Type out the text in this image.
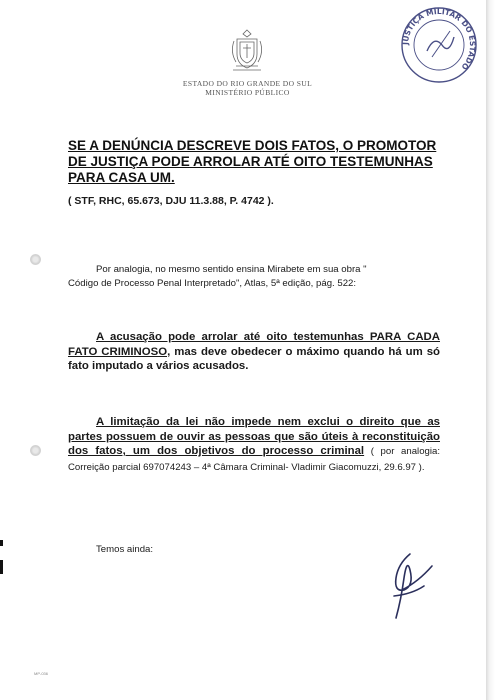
ESTADO DO RIO GRANDE DO SUL
MINISTÉRIO PÚBLICO
JUSTIÇA MILITAR DO ESTADO
SE A DENÚNCIA DESCREVE DOIS FATOS, O PROMOTOR DE JUSTIÇA PODE ARROLAR ATÉ OITO TESTEMUNHAS PARA CASA UM.
( STF, RHC, 65.673, DJU 11.3.88, P. 4742 ).
Por analogia, no mesmo sentido ensina Mirabete em sua obra "
Código de Processo Penal Interpretado", Atlas, 5ª edição, pág. 522:
A acusação pode arrolar até oito testemunhas PARA CADA FATO CRIMINOSO, mas deve obedecer o máximo quando há um só fato imputado a vários acusados.
A limitação da lei não impede nem exclui o direito que as partes possuem de ouvir as pessoas que são úteis à reconstituição dos fatos, um dos objetivos do processo criminal ( por analogia: Correição parcial 697074243 – 4ª Câmara Criminal- Vladimir Giacomuzzi, 29.6.97 ).
Temos ainda:
MP-036
